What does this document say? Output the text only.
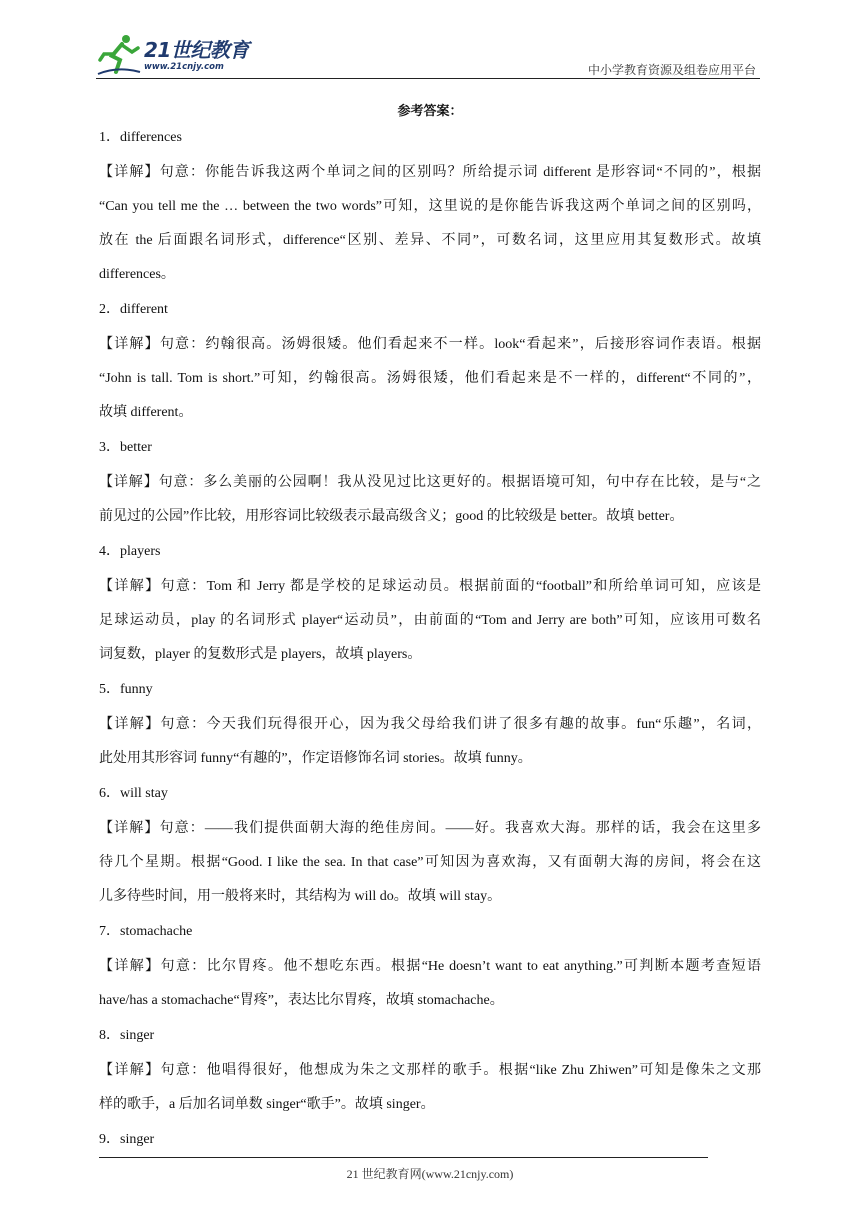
21世纪教育
www.21cnjy.com	中小学教育资源及组卷应用平台
参考答案：
1．differences
【详解】句意：你能告诉我这两个单词之间的区别吗？所给提示词 different 是形容词“不同的”，根据
“Can you tell me the … between the two words”可知，这里说的是你能告诉我这两个单词之间的区别吗，
放在 the 后面跟名词形式，difference“区别、差异、不同”，可数名词，这里应用其复数形式。故填
differences。
2．different
【详解】句意：约翰很高。汤姆很矮。他们看起来不一样。look“看起来”，后接形容词作表语。根据
“John is tall. Tom is short.”可知，约翰很高。汤姆很矮，他们看起来是不一样的，different“不同的”，
故填 different。
3．better
【详解】句意：多么美丽的公园啊！我从没见过比这更好的。根据语境可知，句中存在比较，是与“之
前见过的公园”作比较，用形容词比较级表示最高级含义；good 的比较级是 better。故填 better。
4．players
【详解】句意：Tom 和 Jerry 都是学校的足球运动员。根据前面的“football”和所给单词可知，应该是
足球运动员，play 的名词形式 player“运动员”，由前面的“Tom and Jerry are both”可知，应该用可数名
词复数，player 的复数形式是 players，故填 players。
5．funny
【详解】句意：今天我们玩得很开心，因为我父母给我们讲了很多有趣的故事。fun“乐趣”，名词，
此处用其形容词 funny“有趣的”，作定语修饰名词 stories。故填 funny。
6．will stay
【详解】句意：——我们提供面朝大海的绝佳房间。——好。我喜欢大海。那样的话，我会在这里多
待几个星期。根据“Good. I like the sea. In that case”可知因为喜欢海，又有面朝大海的房间，将会在这
儿多待些时间，用一般将来时，其结构为 will do。故填 will stay。
7．stomachache
【详解】句意：比尔胃疼。他不想吃东西。根据“He doesn’t want to eat anything.”可判断本题考查短语
have/has a stomachache“胃疼”，表达比尔胃疼，故填 stomachache。
8．singer
【详解】句意：他唱得很好，他想成为朱之文那样的歌手。根据“like Zhu Zhiwen”可知是像朱之文那
样的歌手，a 后加名词单数 singer“歌手”。故填 singer。
9．singer
21 世纪教育网(www.21cnjy.com)
